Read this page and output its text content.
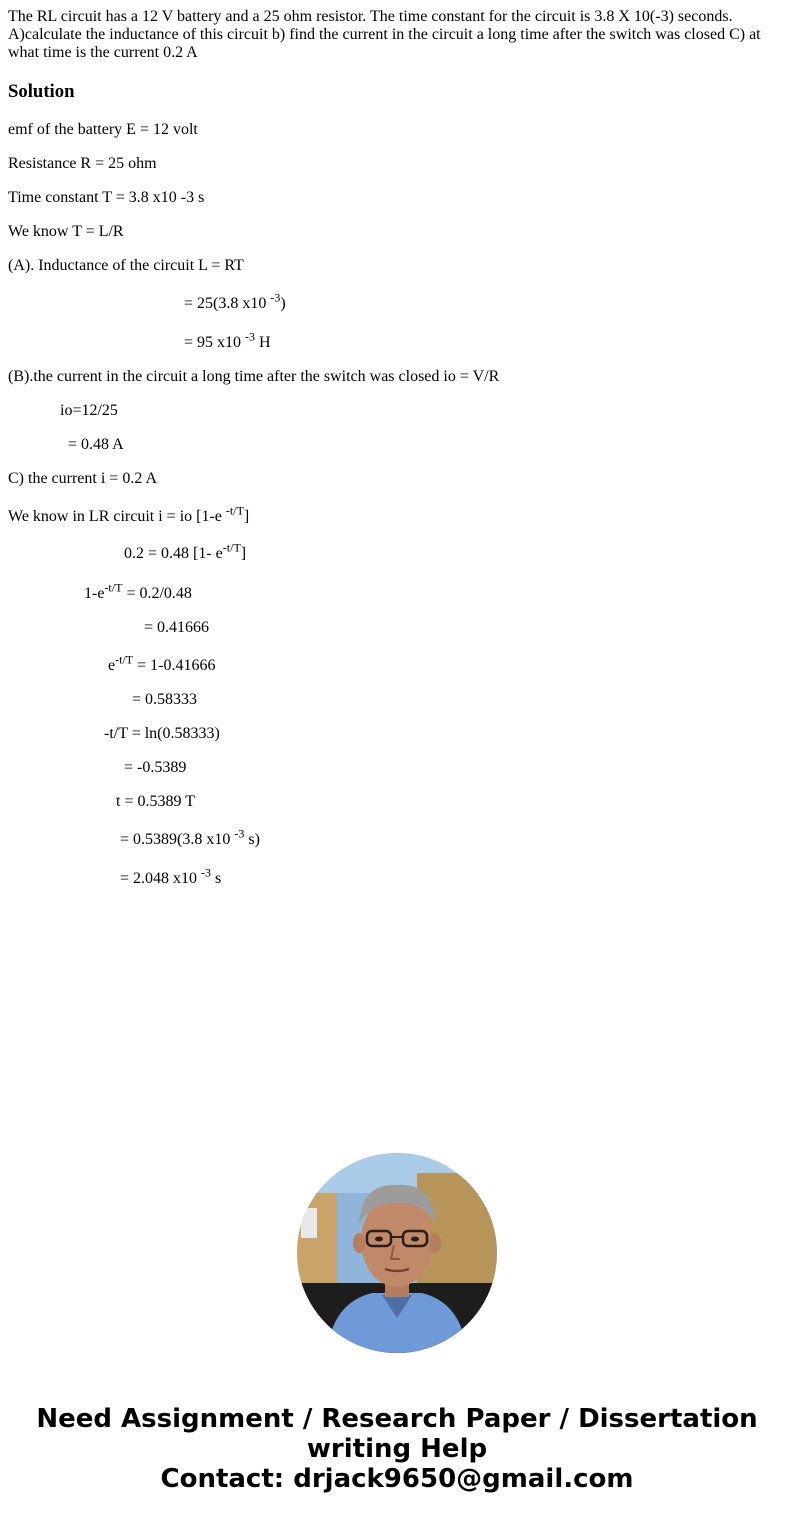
The RL circuit has a 12 V battery and a 25 ohm resistor. The time constant for the circuit is 3.8 X 10(-3) seconds. A)calculate the inductance of this circuit b) find the current in the circuit a long time after the switch was closed C) at what time is the current 0.2 A

Solution

emf of the battery E = 12 volt

Resistance R = 25 ohm

Time constant T = 3.8 x10 -3 s

We know T = L/R

(A). Inductance of the circuit L = RT

= 25(3.8 x10 $^{-3}$)

= 95 x10 $^{-3}$ H

(B).the current in the circuit a long time after the switch was closed io = V/R

io=12/25

= 0.48 A

C) the current i = 0.2 A

We know in LR circuit i = io [1-e $^{-t/T}$]

0.2 = 0.48 [1- $e^{-t/T}$]

$1-e^{-t/T} = 0.2/0.48$

= 0.41666

$e^{-t/T} = 1-0.41666$

= 0.58333

-t/T = ln(0.58333)

= -0.5389

t = 0.5389 T

= 0.5389(3.8 x10 $^{-3}$ s)

= 2.048 x10 $^{-3}$ s

Need Assignment / Research Paper / Dissertation
writing Help
Contact: drjack9650@gmail.com
